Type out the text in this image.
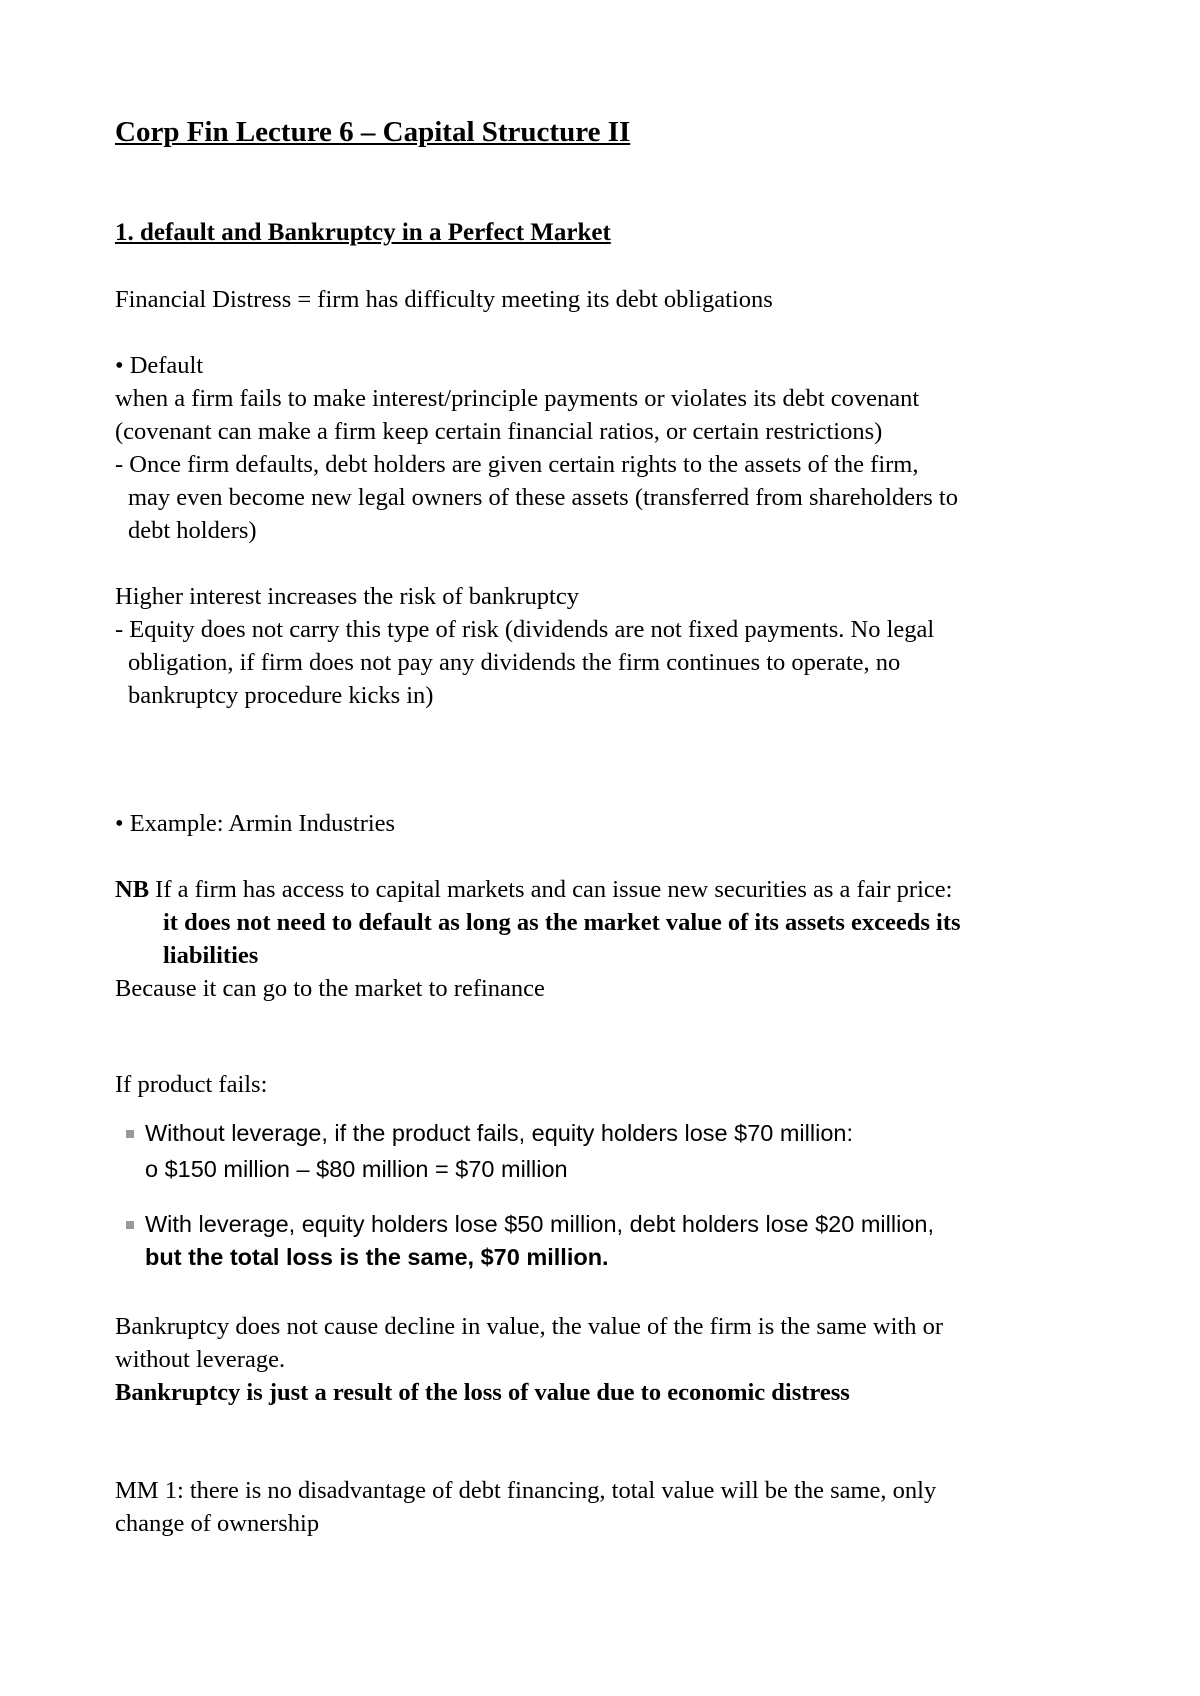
Corp Fin Lecture 6 – Capital Structure II
1. default and Bankruptcy in a Perfect Market
Financial Distress = firm has difficulty meeting its debt obligations
• Default
when a firm fails to make interest/principle payments or violates its debt covenant
(covenant can make a firm keep certain financial ratios, or certain restrictions)
- Once firm defaults, debt holders are given certain rights to the assets of the firm,
may even become new legal owners of these assets (transferred from shareholders to
debt holders)
Higher interest increases the risk of bankruptcy
- Equity does not carry this type of risk (dividends are not fixed payments. No legal
obligation, if firm does not pay any dividends the firm continues to operate, no
bankruptcy procedure kicks in)
• Example: Armin Industries
NB If a firm has access to capital markets and can issue new securities as a fair price:
it does not need to default as long as the market value of its assets exceeds its
liabilities
Because it can go to the market to refinance
If product fails:
Without leverage, if the product fails, equity holders lose $70 million:
o $150 million – $80 million = $70 million
With leverage, equity holders lose $50 million, debt holders lose $20 million,
but the total loss is the same, $70 million.
Bankruptcy does not cause decline in value, the value of the firm is the same with or
without leverage.
Bankruptcy is just a result of the loss of value due to economic distress
MM 1: there is no disadvantage of debt financing, total value will be the same, only
change of ownership
